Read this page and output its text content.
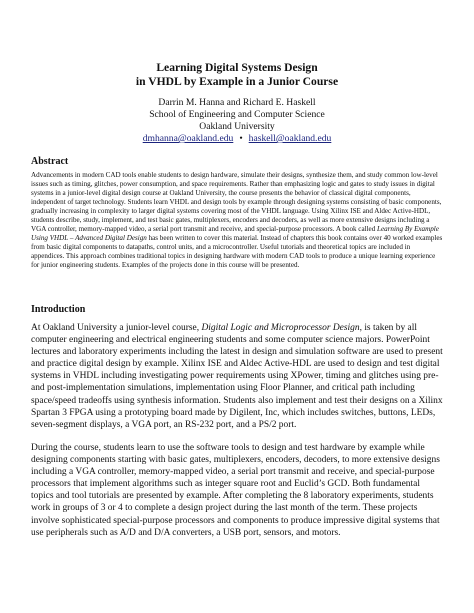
Learning Digital Systems Design
in VHDL by Example in a Junior Course
Darrin M. Hanna and Richard E. Haskell
School of Engineering and Computer Science
Oakland University
dmhanna@oakland.edu • haskell@oakland.edu
Abstract

Advancements in modern CAD tools enable students to design hardware, simulate their designs, synthesize them, and study common low-level issues such as timing, glitches, power consumption, and space requirements. Rather than emphasizing logic and gates to study issues in digital systems in a junior-level digital design course at Oakland University, the course presents the behavior of classical digital components, independent of target technology. Students learn VHDL and design tools by example through designing systems consisting of basic components, gradually increasing in complexity to larger digital systems covering most of the VHDL language. Using Xilinx ISE and Aldec Active-HDL, students describe, study, implement, and test basic gates, multiplexers, encoders and decoders, as well as more extensive designs including a VGA controller, memory-mapped video, a serial port transmit and receive, and special-purpose processors. A book called Learning By Example Using VHDL – Advanced Digital Design has been written to cover this material. Instead of chapters this book contains over 40 worked examples from basic digital components to datapaths, control units, and a microcontroller. Useful tutorials and theoretical topics are included in appendices. This approach combines traditional topics in designing hardware with modern CAD tools to produce a unique learning experience for junior engineering students. Examples of the projects done in this course will be presented.

Introduction

At Oakland University a junior-level course, Digital Logic and Microprocessor Design, is taken by all computer engineering and electrical engineering students and some computer science majors. PowerPoint lectures and laboratory experiments including the latest in design and simulation software are used to present and practice digital design by example. Xilinx ISE and Aldec Active-HDL are used to design and test digital systems in VHDL including investigating power requirements using XPower, timing and glitches using pre- and post-implementation simulations, implementation using Floor Planner, and critical path including space/speed tradeoffs using synthesis information. Students also implement and test their designs on a Xilinx Spartan 3 FPGA using a prototyping board made by Digilent, Inc, which includes switches, buttons, LEDs, seven-segment displays, a VGA port, an RS-232 port, and a PS/2 port.

During the course, students learn to use the software tools to design and test hardware by example while designing components starting with basic gates, multiplexers, encoders, decoders, to more extensive designs including a VGA controller, memory-mapped video, a serial port transmit and receive, and special-purpose processors that implement algorithms such as integer square root and Euclid’s GCD. Both fundamental topics and tool tutorials are presented by example. After completing the 8 laboratory experiments, students work in groups of 3 or 4 to complete a design project during the last month of the term. These projects involve sophisticated special-purpose processors and components to produce impressive digital systems that use peripherals such as A/D and D/A converters, a USB port, sensors, and motors.
